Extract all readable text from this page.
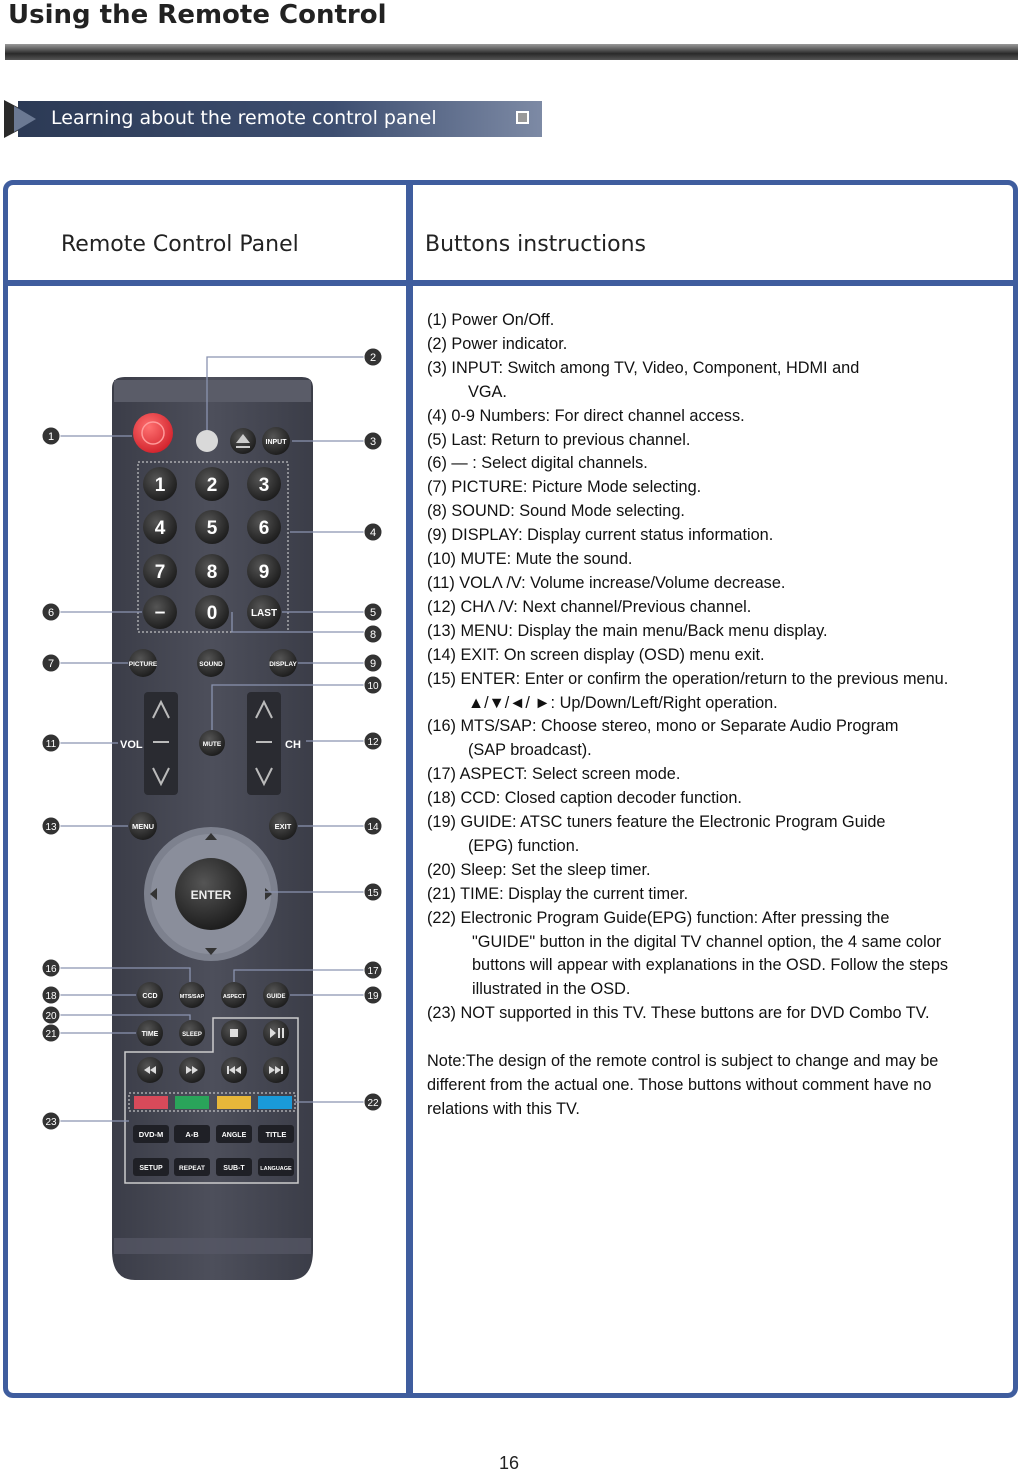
Using the Remote Control
Learning about the remote control panel
Remote Control Panel	Buttons instructions
INPUT
1 2 3
4 5 6
7 8 9
– 0	LAST
PICTURE	SOUND	DISPLAY
VOL	CH
MUTE
MENU	EXIT
ENTER
CCD	MTS/SAP	ASPECT	GUIDE
TIME	SLEEP
DVD-M	A-B	ANGLE	TITLE
SETUP	REPEAT	SUB-T	LANGUAGE
1
2
3
4
5
6
7
8
9
10
11	12
13	14
15
16	17
18	19
20
21
22
23
(1) Power On/Off.
(2) Power indicator.
(3) INPUT: Switch among TV, Video, Component, HDMI and
VGA.
(4) 0-9 Numbers: For direct channel access.
(5) Last: Return to previous channel.
(6) — : Select digital channels.
(7) PICTURE: Picture Mode selecting.
(8) SOUND: Sound Mode selecting.
(9) DISPLAY: Display current status information.
(10) MUTE: Mute the sound.
(11) VOLΛ /V: Volume increase/Volume decrease.
(12) CHΛ /V: Next channel/Previous channel.
(13) MENU: Display the main menu/Back menu display.
(14) EXIT: On screen display (OSD) menu exit.
(15) ENTER: Enter or confirm the operation/return to the previous menu.
▲/▼/◄/ ►: Up/Down/Left/Right operation.
(16) MTS/SAP: Choose stereo, mono or Separate Audio Program
(SAP broadcast).
(17) ASPECT: Select screen mode.
(18) CCD: Closed caption decoder function.
(19) GUIDE: ATSC tuners feature the Electronic Program Guide
(EPG) function.
(20) Sleep: Set the sleep timer.
(21) TIME: Display the current timer.
(22) Electronic Program Guide(EPG) function: After pressing the
"GUIDE" button in the digital TV channel option, the 4 same color
buttons will appear with explanations in the OSD. Follow the steps
illustrated in the OSD.
(23) NOT supported in this TV. These buttons are for DVD Combo TV.
Note:The design of the remote control is subject to change and may be
different from the actual one. Those buttons without comment have no
relations with this TV.
16
